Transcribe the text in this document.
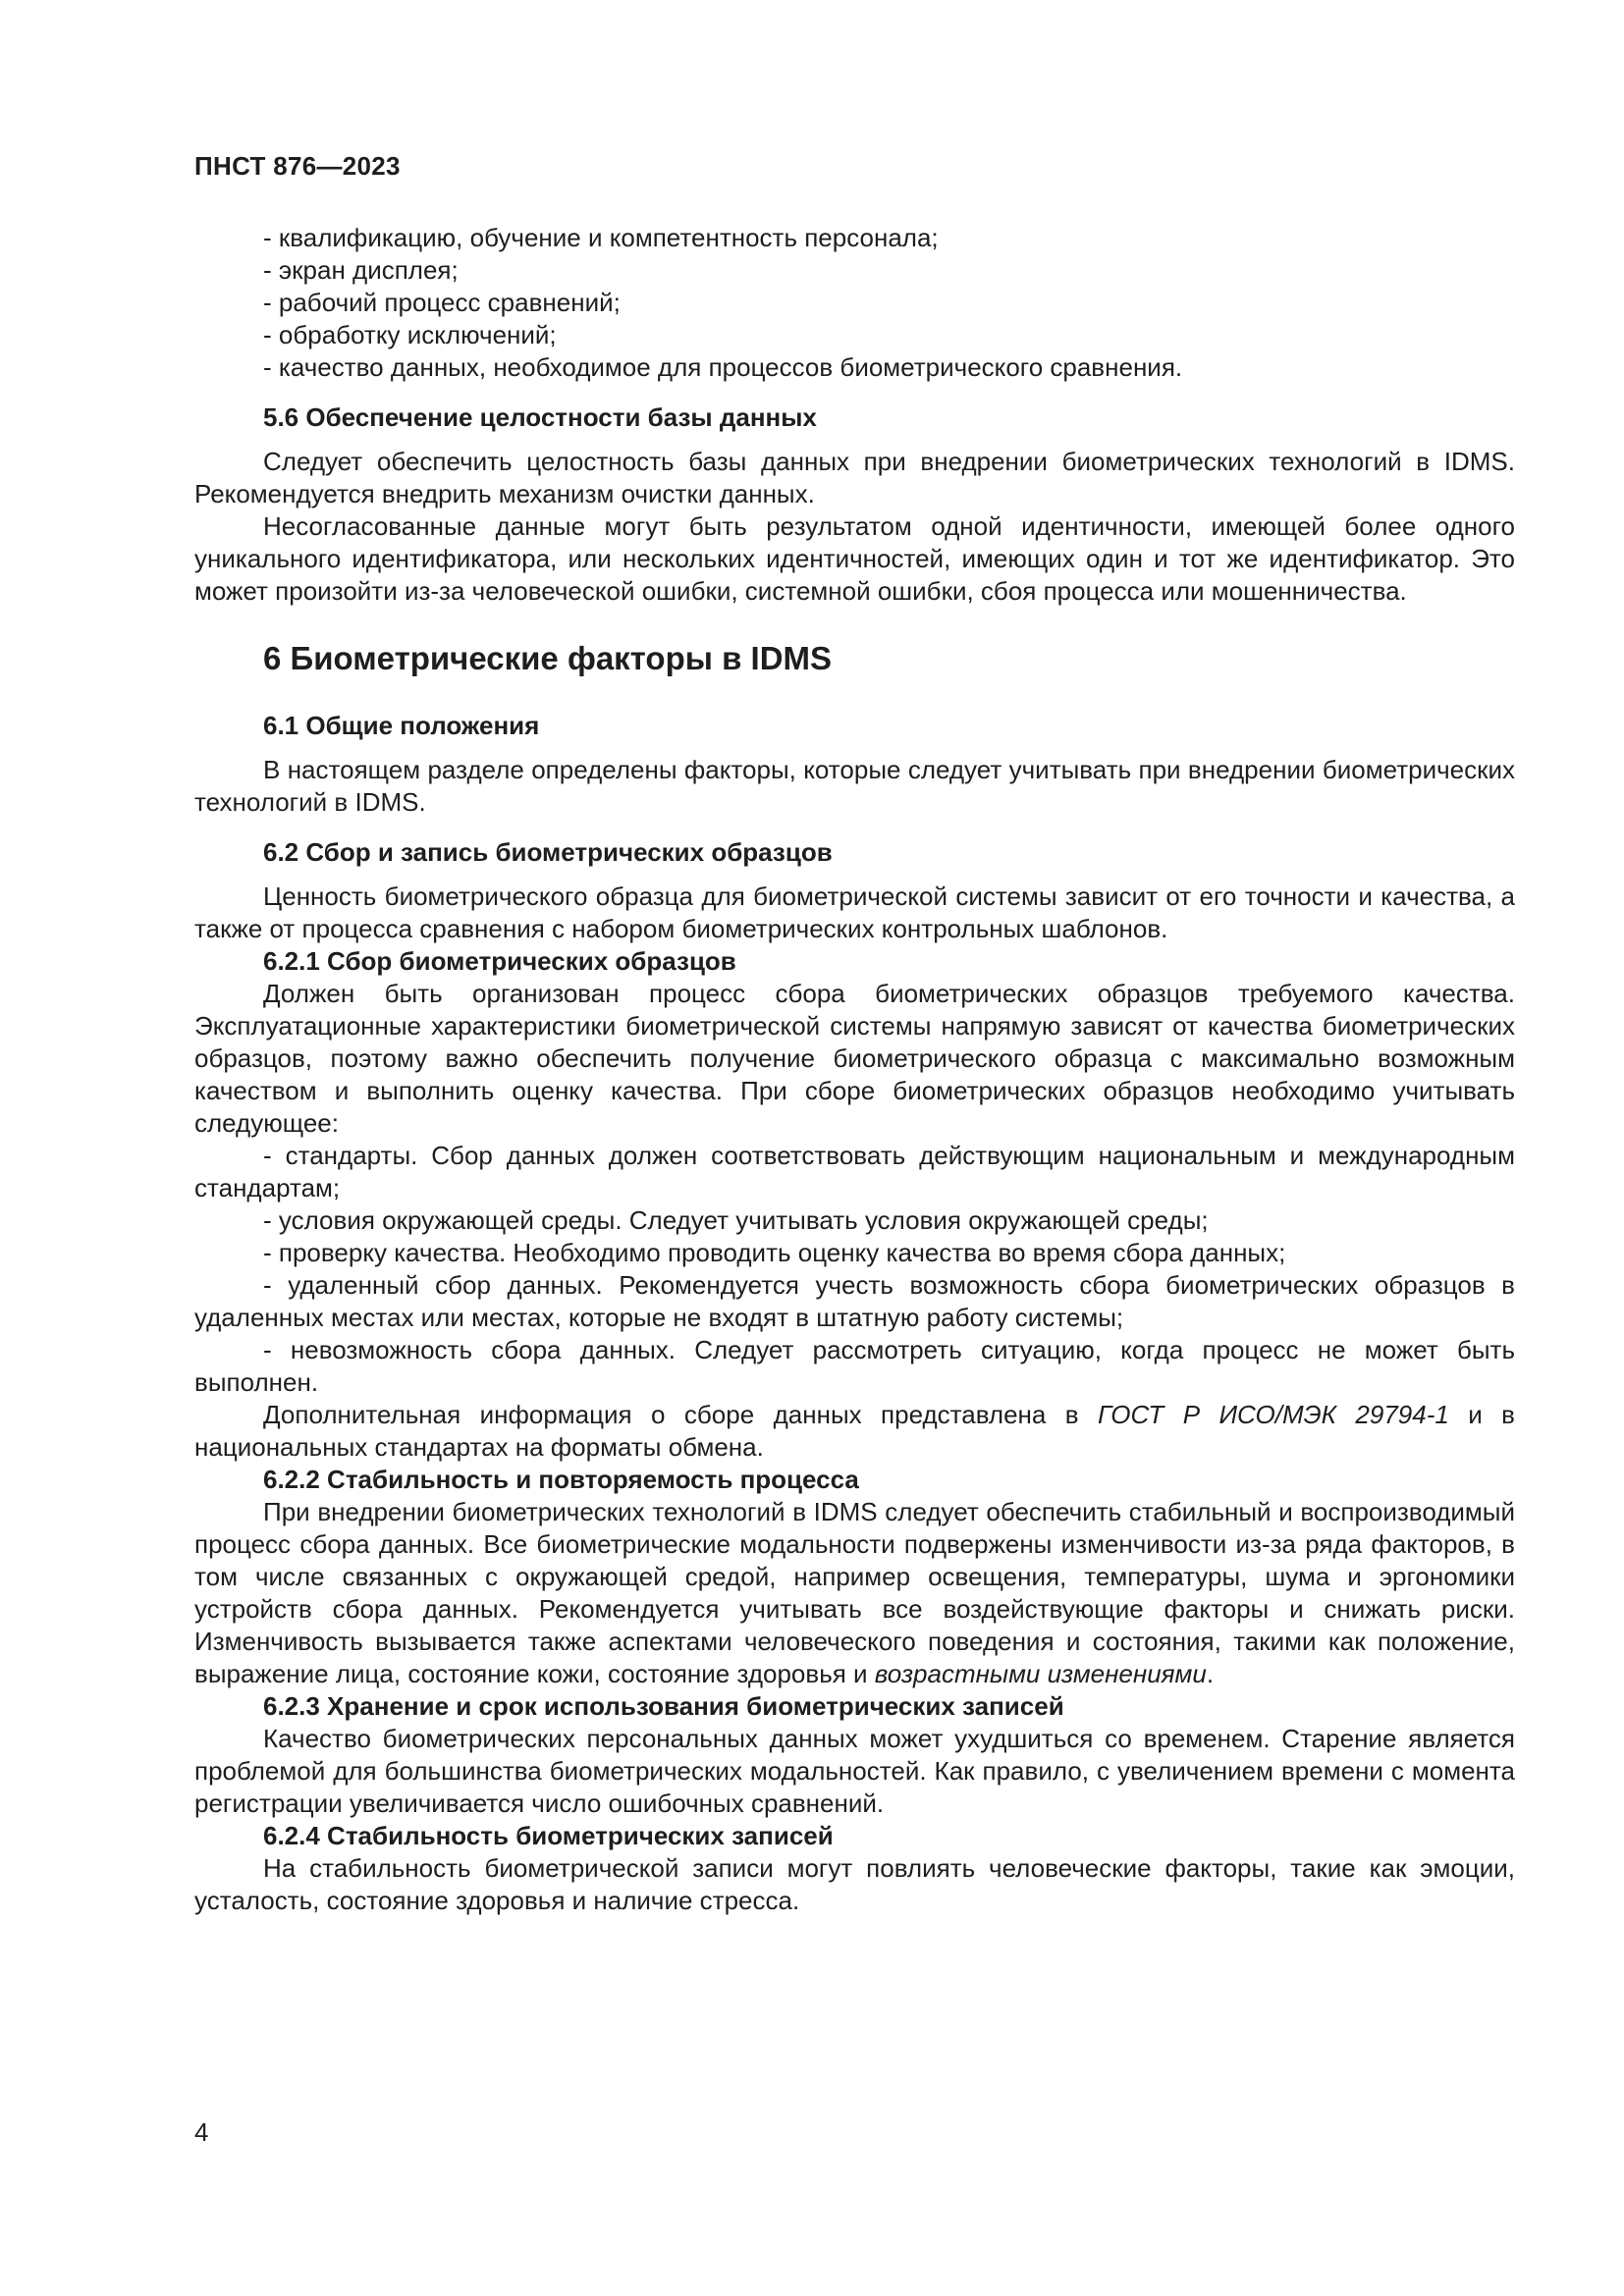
ПНСТ 876—2023

- квалификацию, обучение и компетентность персонала;

- экран дисплея;

- рабочий процесс сравнений;

- обработку исключений;

- качество данных, необходимое для процессов биометрического сравнения.

5.6 Обеспечение целостности базы данных

Следует обеспечить целостность базы данных при внедрении биометрических технологий в IDMS. Рекомендуется внедрить механизм очистки данных.

Несогласованные данные могут быть результатом одной идентичности, имеющей более одного уникального идентификатора, или нескольких идентичностей, имеющих один и тот же идентификатор. Это может произойти из-за человеческой ошибки, системной ошибки, сбоя процесса или мошенничества.

6 Биометрические факторы в IDMS

6.1 Общие положения

В настоящем разделе определены факторы, которые следует учитывать при внедрении биометрических технологий в IDMS.

6.2 Сбор и запись биометрических образцов

Ценность биометрического образца для биометрической системы зависит от его точности и качества, а также от процесса сравнения с набором биометрических контрольных шаблонов.

6.2.1 Сбор биометрических образцов

Должен быть организован процесс сбора биометрических образцов требуемого качества. Эксплуатационные характеристики биометрической системы напрямую зависят от качества биометрических образцов, поэтому важно обеспечить получение биометрического образца с максимально возможным качеством и выполнить оценку качества. При сборе биометрических образцов необходимо учитывать следующее:

- стандарты. Сбор данных должен соответствовать действующим национальным и международным стандартам;

- условия окружающей среды. Следует учитывать условия окружающей среды;

- проверку качества. Необходимо проводить оценку качества во время сбора данных;

- удаленный сбор данных. Рекомендуется учесть возможность сбора биометрических образцов в удаленных местах или местах, которые не входят в штатную работу системы;

- невозможность сбора данных. Следует рассмотреть ситуацию, когда процесс не может быть выполнен.

Дополнительная информация о сборе данных представлена в ГОСТ Р ИСО/МЭК 29794-1 и в национальных стандартах на форматы обмена.

6.2.2 Стабильность и повторяемость процесса

При внедрении биометрических технологий в IDMS следует обеспечить стабильный и воспроизводимый процесс сбора данных. Все биометрические модальности подвержены изменчивости из-за ряда факторов, в том числе связанных с окружающей средой, например освещения, температуры, шума и эргономики устройств сбора данных. Рекомендуется учитывать все воздействующие факторы и снижать риски. Изменчивость вызывается также аспектами человеческого поведения и состояния, такими как положение, выражение лица, состояние кожи, состояние здоровья и возрастными изменениями.

6.2.3 Хранение и срок использования биометрических записей

Качество биометрических персональных данных может ухудшиться со временем. Старение является проблемой для большинства биометрических модальностей. Как правило, с увеличением времени с момента регистрации увеличивается число ошибочных сравнений.

6.2.4 Стабильность биометрических записей

На стабильность биометрической записи могут повлиять человеческие факторы, такие как эмоции, усталость, состояние здоровья и наличие стресса.

4
